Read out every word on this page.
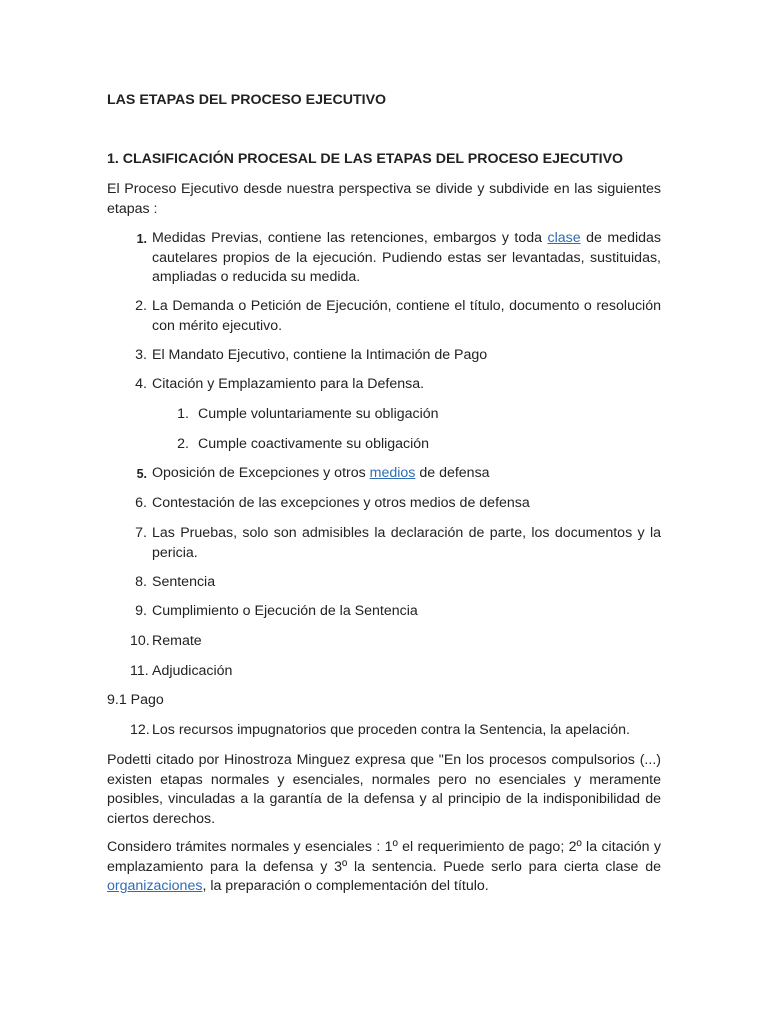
LAS ETAPAS DEL PROCESO EJECUTIVO
1. CLASIFICACIÓN PROCESAL DE LAS ETAPAS DEL PROCESO EJECUTIVO
El Proceso Ejecutivo desde nuestra perspectiva se divide y subdivide en las siguientes etapas :
1. Medidas Previas, contiene las retenciones, embargos y toda clase de medidas cautelares propios de la ejecución. Pudiendo estas ser levantadas, sustituidas, ampliadas o reducida su medida.
2. La Demanda o Petición de Ejecución, contiene el título, documento o resolución con mérito ejecutivo.
3. El Mandato Ejecutivo, contiene la Intimación de Pago
4. Citación y Emplazamiento para la Defensa.
1. Cumple voluntariamente su obligación
2. Cumple coactivamente su obligación
5. Oposición de Excepciones y otros medios de defensa
6. Contestación de las excepciones y otros medios de defensa
7. Las Pruebas, solo son admisibles la declaración de parte, los documentos y la pericia.
8. Sentencia
9. Cumplimiento o Ejecución de la Sentencia
10. Remate
11. Adjudicación
9.1 Pago
12. Los recursos impugnatorios que proceden contra la Sentencia, la apelación.
Podetti citado por Hinostroza Minguez expresa que "En los procesos compulsorios (...) existen etapas normales y esenciales, normales pero no esenciales y meramente posibles, vinculadas a la garantía de la defensa y al principio de la indisponibilidad de ciertos derechos.
Considero trámites normales y esenciales : 1º el requerimiento de pago; 2º la citación y emplazamiento para la defensa y 3º la sentencia. Puede serlo para cierta clase de organizaciones, la preparación o complementación del título.
